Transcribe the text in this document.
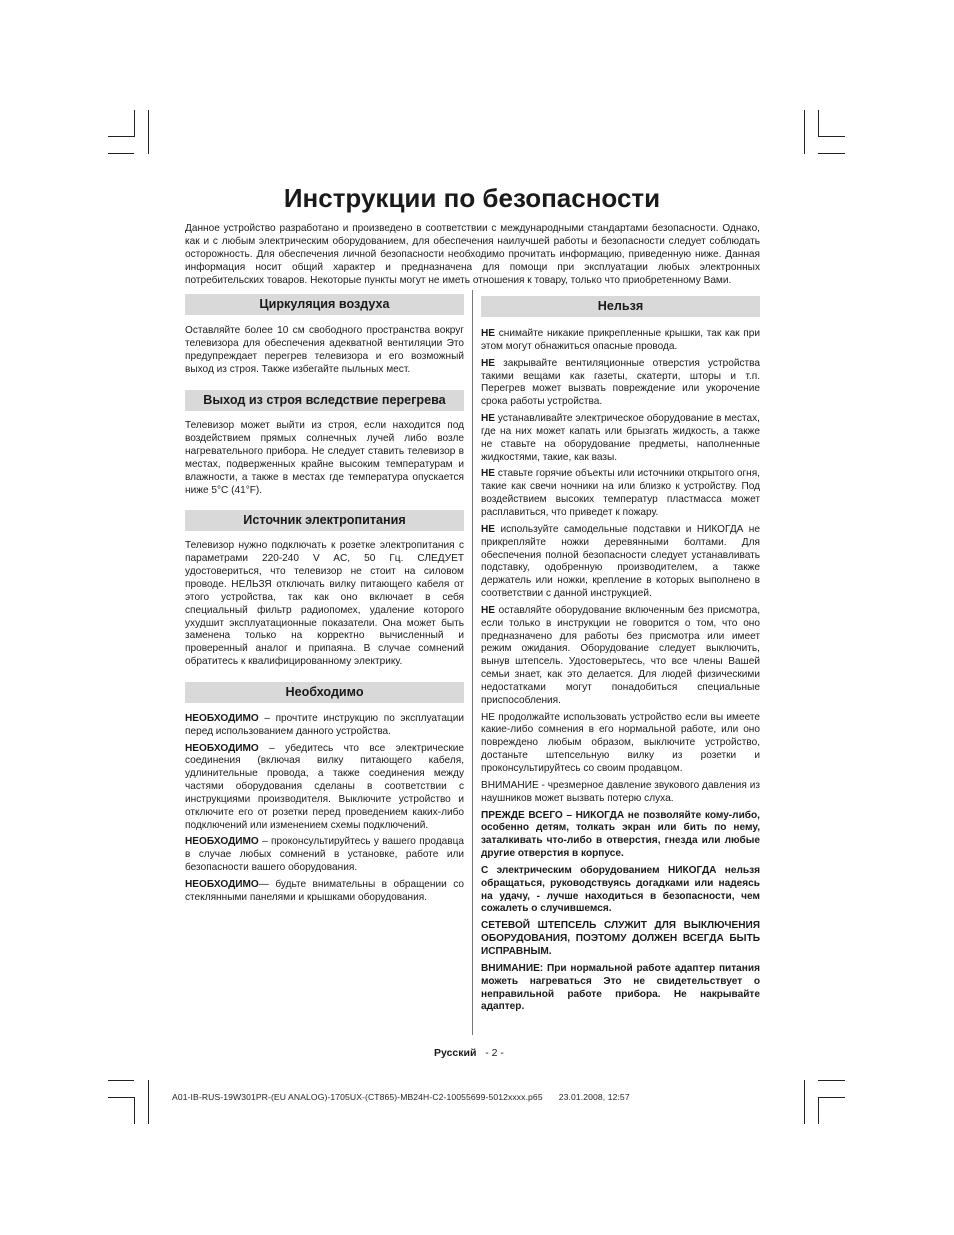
Инструкции по безопасности

Данное устройство разработано и произведено в соответствии с международными стандартами безопасности. Однако, как и с любым электрическим оборудованием, для обеспечения наилучшей работы и безопасности следует соблюдать осторожность. Для обеспечения личной безопасности необходимо прочитать информацию, приведенную ниже. Данная информация носит общий характер и предназначена для помощи при эксплуатации любых электронных потребительских товаров. Некоторые пункты могут не иметь отношения к товару, только что приобретенному Вами.

Циркуляция воздуха

Оставляйте более 10 см свободного пространства вокруг телевизора для обеспечения адекватной вентиляции Это предупреждает перегрев телевизора и его возможный выход из строя. Также избегайте пыльных мест.

Выход из строя вследствие перегрева

Телевизор может выйти из строя, если находится под воздействием прямых солнечных лучей либо возле нагревательного прибора. Не следует ставить телевизор в местах, подверженных крайне высоким температурам и влажности, а также в местах где температура опускается ниже 5°C (41°F).

Источник электропитания

Телевизор нужно подключать к розетке электропитания с параметрами 220-240 V AC, 50 Гц. СЛЕДУЕТ удостовериться, что телевизор не стоит на силовом проводе. НЕЛЬЗЯ отключать вилку питающего кабеля от этого устройства, так как оно включает в себя специальный фильтр радиопомех, удаление которого ухудшит эксплуатационные показатели. Она может быть заменена только на корректно вычисленный и проверенный аналог и припаяна. В случае сомнений обратитесь к квалифицированному электрику.

Необходимо

НЕОБХОДИМО – прочтите инструкцию по эксплуатации перед использованием данного устройства.

НЕОБХОДИМО – убедитесь что все электрические соединения (включая вилку питающего кабеля, удлинительные провода, а также соединения между частями оборудования сделаны в соответствии с инструкциями производителя. Выключите устройство и отключите его от розетки перед проведением каких-либо подключений или изменением схемы подключений.

НЕОБХОДИМО – проконсультируйтесь у вашего продавца в случае любых сомнений в установке, работе или безопасности вашего оборудования.

НЕОБХОДИМО— будьте внимательны в обращении со стеклянными панелями и крышками оборудования.

Нельзя

НЕ снимайте никакие прикрепленные крышки, так как при этом могут обнажиться опасные провода.

НЕ закрывайте вентиляционные отверстия устройства такими вещами как газеты, скатерти, шторы и т.п. Перегрев может вызвать повреждение или укорочение срока работы устройства.

НЕ устанавливайте электрическое оборудование в местах, где на них может капать или брызгать жидкость, а также не ставьте на оборудование предметы, наполненные жидкостями, такие, как вазы.

НЕ ставьте горячие объекты или источники открытого огня, такие как свечи ночники на или близко к устройству. Под воздействием высоких температур пластмасса может расплавиться, что приведет к пожару.

НЕ используйте самодельные подставки и НИКОГДА не прикрепляйте ножки деревянными болтами. Для обеспечения полной безопасности следует устанавливать подставку, одобренную производителем, а также держатель или ножки, крепление в которых выполнено в соответствии с данной инструкцией.

НЕ оставляйте оборудование включенным без присмотра, если только в инструкции не говорится о том, что оно предназначено для работы без присмотра или имеет режим ожидания. Оборудование следует выключить, вынув штепсель. Удостоверьтесь, что все члены Вашей семьи знает, как это делается. Для людей физическими недостатками могут понадобиться специальные приспособления.

НЕ продолжайте использовать устройство если вы имеете какие-либо сомнения в его нормальной работе, или оно повреждено любым образом, выключите устройство, достаньте штепсельную вилку из розетки и проконсультируйтесь со своим продавцом.

ВНИМАНИЕ - чрезмерное давление звукового давления из наушников может вызвать потерю слуха.

ПРЕЖДЕ ВСЕГО – НИКОГДА не позволяйте кому-либо, особенно детям, толкать экран или бить по нему, заталкивать что-либо в отверстия, гнезда или любые другие отверстия в корпусе.

С электрическим оборудованием НИКОГДА нельзя обращаться, руководствуясь догадками или надеясь на удачу, - лучше находиться в безопасности, чем сожалеть о случившемся.

СЕТЕВОЙ ШТЕПСЕЛЬ СЛУЖИТ ДЛЯ ВЫКЛЮЧЕНИЯ ОБОРУДОВАНИЯ, ПОЭТОМУ ДОЛЖЕН ВСЕГДА БЫТЬ ИСПРАВНЫМ.

ВНИМАНИЕ: При нормальной работе адаптер питания можеть нагреваться Это не свидетельствует о неправильной работе прибора. Не накрывайте адаптер.

Русский - 2 -
A01-IB-RUS-19W301PR-(EU ANALOG)-1705UX-(CT865)-MB24H-C2-10055699-5012xxxx.p65 23.01.2008, 12:57
